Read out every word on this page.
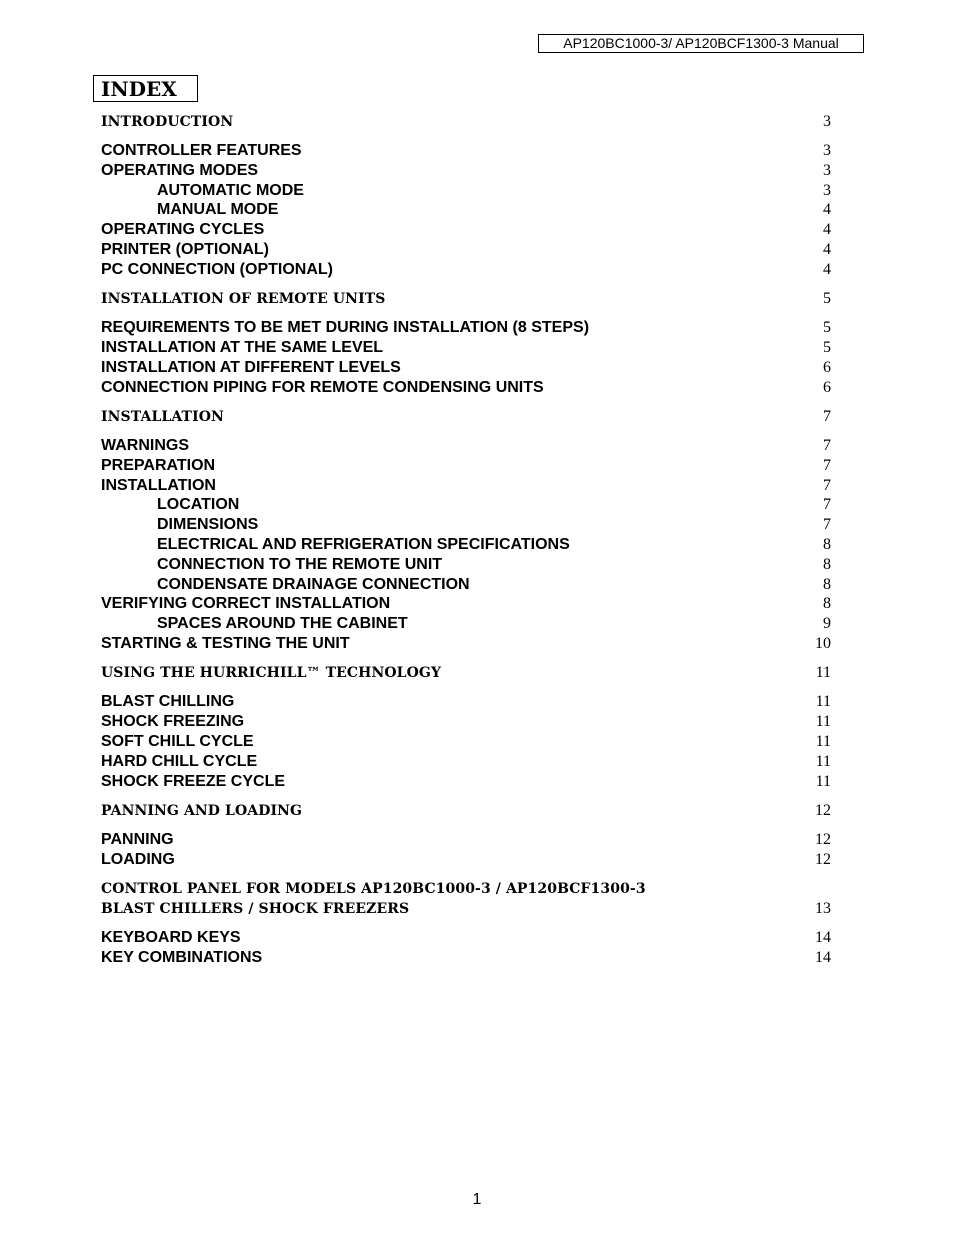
AP120BC1000-3/ AP120BCF1300-3 Manual
INDEX
INTRODUCTION	3
CONTROLLER FEATURES	3
OPERATING MODES	3
AUTOMATIC MODE	3
MANUAL MODE	4
OPERATING CYCLES	4
PRINTER (OPTIONAL)	4
PC CONNECTION (OPTIONAL)	4
INSTALLATION OF REMOTE UNITS	5
REQUIREMENTS TO BE MET DURING INSTALLATION (8 STEPS)	5
INSTALLATION AT THE SAME LEVEL	5
INSTALLATION AT DIFFERENT LEVELS	6
CONNECTION PIPING FOR REMOTE CONDENSING UNITS	6
INSTALLATION	7
WARNINGS	7
PREPARATION	7
INSTALLATION	7
LOCATION	7
DIMENSIONS	7
ELECTRICAL AND REFRIGERATION SPECIFICATIONS	8
CONNECTION TO THE REMOTE UNIT	8
CONDENSATE DRAINAGE CONNECTION	8
VERIFYING CORRECT INSTALLATION	8
SPACES AROUND THE CABINET	9
STARTING & TESTING THE UNIT	10
USING THE HURRICHILL™ TECHNOLOGY	11
BLAST CHILLING	11
SHOCK FREEZING	11
SOFT CHILL CYCLE	11
HARD CHILL CYCLE	11
SHOCK FREEZE CYCLE	11
PANNING AND LOADING	12
PANNING	12
LOADING	12
CONTROL PANEL FOR MODELS AP120BC1000-3 / AP120BCF1300-3
BLAST CHILLERS / SHOCK FREEZERS	13
KEYBOARD KEYS	14
KEY COMBINATIONS	14
1
